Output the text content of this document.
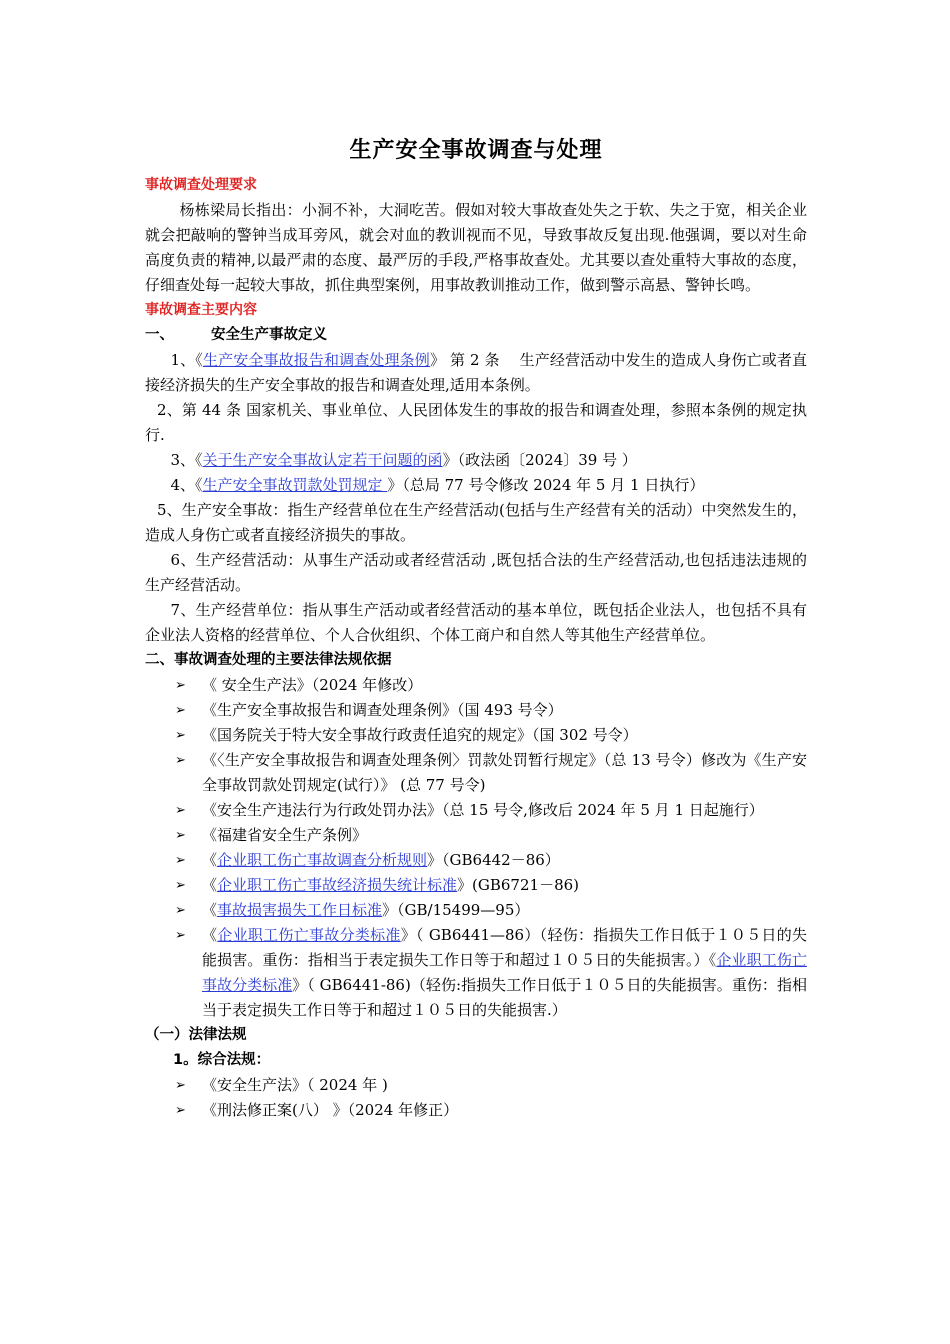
生产安全事故调查与处理
事故调查处理要求

杨栋梁局长指出：小洞不补，大洞吃苦。假如对较大事故查处失之于软、失之于宽，相关企业就会把敲响的警钟当成耳旁风，就会对血的教训视而不见，导致事故反复出现.他强调，要以对生命高度负责的精神,以最严肃的态度、最严厉的手段,严格事故查处。尤其要以查处重特大事故的态度，仔细查处每一起较大事故，抓住典型案例，用事故教训推动工作，做到警示高悬、警钟长鸣。

事故调查主要内容
一、	安全生产事故定义

1、《生产安全事故报告和调查处理条例》 第 2 条　 生产经营活动中发生的造成人身伤亡或者直接经济损失的生产安全事故的报告和调查处理,适用本条例。

2、第 44 条 国家机关、事业单位、人民团体发生的事故的报告和调查处理，参照本条例的规定执行.

3、《关于生产安全事故认定若干问题的函》（政法函〔2024〕39 号 ）

4、《生产安全事故罚款处罚规定 》（总局 77 号令修改 2024 年 5 月 1 日执行）

5、生产安全事故：指生产经营单位在生产经营活动(包括与生产经营有关的活动）中突然发生的，造成人身伤亡或者直接经济损失的事故。

6、生产经营活动：从事生产活动或者经营活动 ,既包括合法的生产经营活动,也包括违法违规的生产经营活动。

7、生产经营单位：指从事生产活动或者经营活动的基本单位，既包括企业法人，也包括不具有企业法人资格的经营单位、个人合伙组织、个体工商户和自然人等其他生产经营单位。

二、事故调查处理的主要法律法规依据
➢ 《 安全生产法》（2024 年修改）
➢ 《生产安全事故报告和调查处理条例》（国 493 号令）
➢ 《国务院关于特大安全事故行政责任追究的规定》（国 302 号令）
➢ 《〈生产安全事故报告和调查处理条例〉罚款处罚暂行规定》（总 13 号令）修改为《生产安全事故罚款处罚规定(试行）》 (总 77 号令)
➢ 《安全生产违法行为行政处罚办法》（总 15 号令,修改后 2024 年 5 月 1 日起施行）
➢ 《福建省安全生产条例》
➢ 《企业职工伤亡事故调查分析规则》（GB6442－86）
➢ 《企业职工伤亡事故经济损失统计标准》(GB6721－86)
➢ 《事故损害损失工作日标准》（GB/15499—95）
➢ 《企业职工伤亡事故分类标准》（ GB6441—86）（轻伤：指损失工作日低于１０５日的失能损害。重伤：指相当于表定损失工作日等于和超过１０５日的失能损害。）《企业职工伤亡事故分类标准》（ GB6441-86)（轻伤:指损失工作日低于１０５日的失能损害。重伤：指相当于表定损失工作日等于和超过１０５日的失能损害.）
（一）法律法规
1。综合法规：
➢ 《安全生产法》（ 2024 年 )
➢ 《刑法修正案(八） 》（2024 年修正）
